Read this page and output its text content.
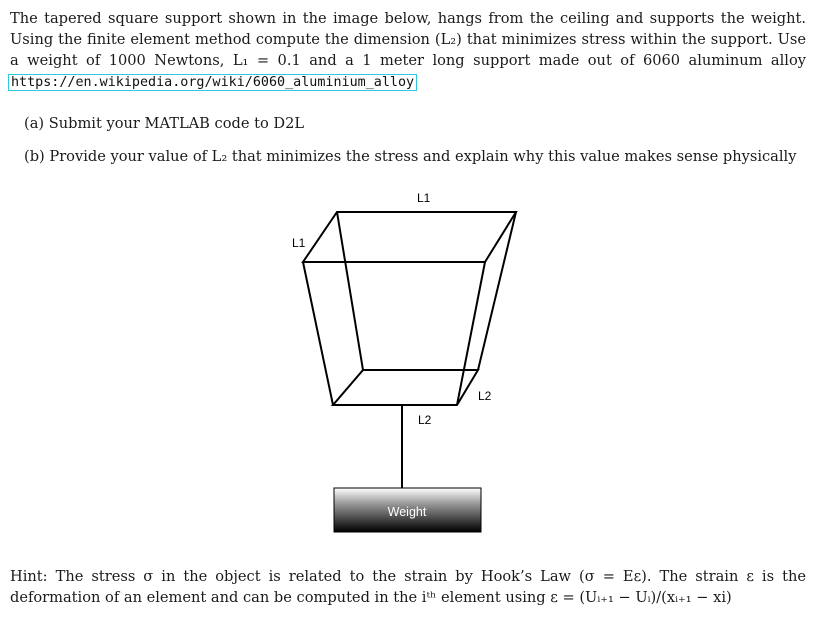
The tapered square support shown in the image below, hangs from the ceiling and supports the weight. Using the finite element method compute the dimension (L₂) that minimizes stress within the support. Use a weight of 1000 Newtons, L₁ = 0.1 and a 1 meter long support made out of 6060 aluminum alloy https://en.wikipedia.org/wiki/6060_aluminium_alloy

(a) Submit your MATLAB code to D2L

(b) Provide your value of L₂ that minimizes the stress and explain why this value makes sense physically

Weight
L1
L1
L2
L2

Hint: The stress σ in the object is related to the strain by Hook’s Law (σ = Eε). The strain ε is the deformation of an element and can be computed in the iᵗʰ element using ε = (Uᵢ₊₁ − Uᵢ)/(xᵢ₊₁ − xi)
